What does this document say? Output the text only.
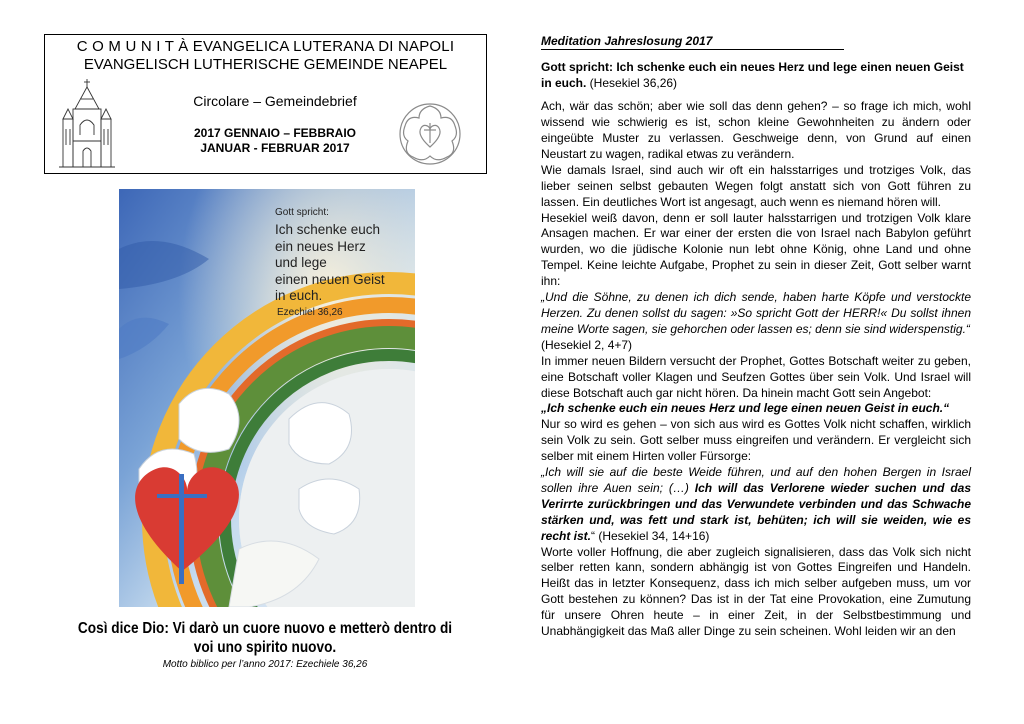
C O M U N I T À EVANGELICA LUTERANA DI NAPOLI
EVANGELISCH LUTHERISCHE GEMEINDE NEAPEL
Circolare – Gemeindebrief
2017 GENNAIO – FEBBRAIO
JANUAR - FEBRUAR 2017
Gott spricht:
Ich schenke euch
ein neues Herz
und lege
einen neuen Geist
in euch.
Ezechiel 36,26
Così dice Dio: Vi darò un cuore nuovo e metterò dentro di voi uno spirito nuovo.
Motto biblico per l’anno 2017: Ezechiele 36,26
Meditation Jahreslosung 2017
Gott spricht: Ich schenke euch ein neues Herz und lege einen neuen Geist in euch. (Hesekiel 36,26)

Ach, wär das schön; aber wie soll das denn gehen? – so frage ich mich, wohl wissend wie schwierig es ist, schon kleine Gewohnheiten zu ändern oder eingeübte Muster zu verlassen. Geschweige denn, von Grund auf einen Neustart zu wagen, radikal etwas zu verändern.

Wie damals Israel, sind auch wir oft ein halsstarriges und trotziges Volk, das lieber seinen selbst gebauten Wegen folgt anstatt sich von Gott führen zu lassen. Ein deutliches Wort ist angesagt, auch wenn es niemand hören will.

Hesekiel weiß davon, denn er soll lauter halsstarrigen und trotzigen Volk klare Ansagen machen. Er war einer der ersten die von Israel nach Babylon geführt wurden, wo die jüdische Kolonie nun lebt ohne König, ohne Land und ohne Tempel. Keine leichte Aufgabe, Prophet zu sein in dieser Zeit, Gott selber warnt ihn:

„Und die Söhne, zu denen ich dich sende, haben harte Köpfe und verstockte Herzen. Zu denen sollst du sagen: »So spricht Gott der HERR!« Du sollst ihnen meine Worte sagen, sie gehorchen oder lassen es; denn sie sind widerspenstig.“

(Hesekiel 2, 4+7)

In immer neuen Bildern versucht der Prophet, Gottes Botschaft weiter zu geben, eine Botschaft voller Klagen und Seufzen Gottes über sein Volk. Und Israel will diese Botschaft auch gar nicht hören. Da hinein macht Gott sein Angebot:

„Ich schenke euch ein neues Herz und lege einen neuen Geist in euch.“

Nur so wird es gehen – von sich aus wird es Gottes Volk nicht schaffen, wirklich sein Volk zu sein. Gott selber muss eingreifen und verändern. Er vergleicht sich selber mit einem Hirten voller Fürsorge:

„Ich will sie auf die beste Weide führen, und auf den hohen Bergen in Israel sollen ihre Auen sein; (…) Ich will das Verlorene wieder suchen und das Verirrte zurückbringen und das Verwundete verbinden und das Schwache stärken und, was fett und stark ist, behüten; ich will sie weiden, wie es recht ist.“ (Hesekiel 34, 14+16)

Worte voller Hoffnung, die aber zugleich signalisieren, dass das Volk sich nicht selber retten kann, sondern abhängig ist von Gottes Eingreifen und Handeln. Heißt das in letzter Konsequenz, dass ich mich selber aufgeben muss, um vor Gott bestehen zu können? Das ist in der Tat eine Provokation, eine Zumutung für unsere Ohren heute – in einer Zeit, in der Selbstbestimmung und Unabhängigkeit das Maß aller Dinge zu sein scheinen. Wohl leiden wir an den
